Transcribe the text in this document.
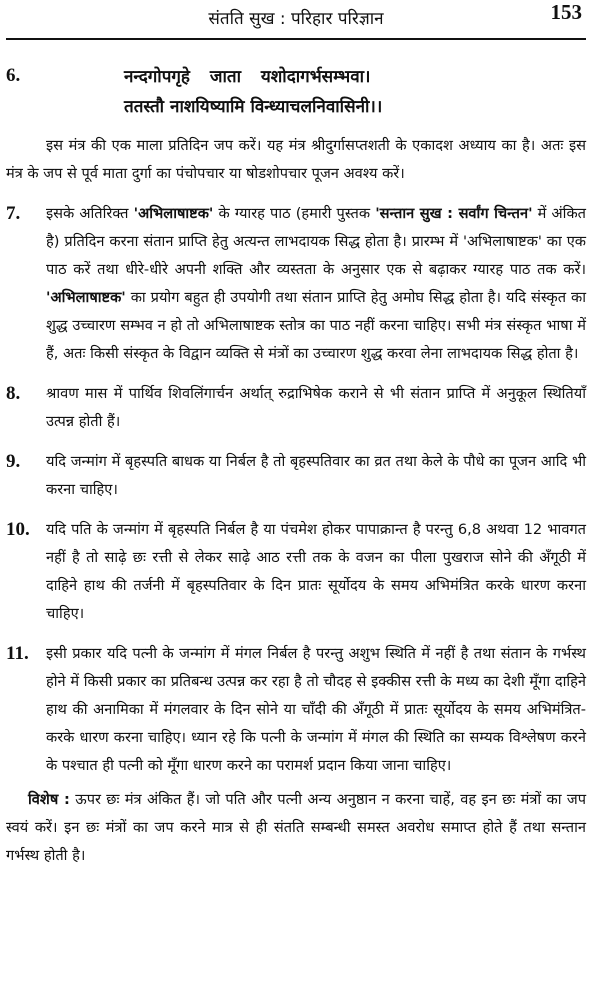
संतति सुख : परिहार परिज्ञान	153
6.	नन्दगोपगृहे जाता यशोदागर्भसम्भवा।
ततस्तौ नाशयिष्यामि विन्ध्याचलनिवासिनी।।
इस मंत्र की एक माला प्रतिदिन जप करें। यह मंत्र श्रीदुर्गासप्तशती के एकादश अध्याय का है। अतः इस मंत्र के जप से पूर्व माता दुर्गा का पंचोपचार या षोडशोपचार पूजन अवश्य करें।
7.	इसके अतिरिक्त 'अभिलाषाष्टक' के ग्यारह पाठ (हमारी पुस्तक 'सन्तान सुख : सर्वांग चिन्तन' में अंकित है) प्रतिदिन करना संतान प्राप्ति हेतु अत्यन्त लाभदायक सिद्ध होता है। प्रारम्भ में 'अभिलाषाष्टक' का एक पाठ करें तथा धीरे-धीरे अपनी शक्ति और व्यस्तता के अनुसार एक से बढ़ाकर ग्यारह पाठ तक करें। 'अभिलाषाष्टक' का प्रयोग बहुत ही उपयोगी तथा संतान प्राप्ति हेतु अमोघ सिद्ध होता है। यदि संस्कृत का शुद्ध उच्चारण सम्भव न हो तो अभिलाषाष्टक स्तोत्र का पाठ नहीं करना चाहिए। सभी मंत्र संस्कृत भाषा में हैं, अतः किसी संस्कृत के विद्वान व्यक्ति से मंत्रों का उच्चारण शुद्ध करवा लेना लाभदायक सिद्ध होता है।
8.	श्रावण मास में पार्थिव शिवलिंगार्चन अर्थात् रुद्राभिषेक कराने से भी संतान प्राप्ति में अनुकूल स्थितियाँ उत्पन्न होती हैं।
9.	यदि जन्मांग में बृहस्पति बाधक या निर्बल है तो बृहस्पतिवार का व्रत तथा केले के पौधे का पूजन आदि भी करना चाहिए।
10.	यदि पति के जन्मांग में बृहस्पति निर्बल है या पंचमेश होकर पापाक्रान्त है परन्तु 6,8 अथवा 12 भावगत नहीं है तो साढ़े छः रत्ती से लेकर साढ़े आठ रत्ती तक के वजन का पीला पुखराज सोने की अँगूठी में दाहिने हाथ की तर्जनी में बृहस्पतिवार के दिन प्रातः सूर्योदय के समय अभिमंत्रित करके धारण करना चाहिए।
11.	इसी प्रकार यदि पत्नी के जन्मांग में मंगल निर्बल है परन्तु अशुभ स्थिति में नहीं है तथा संतान के गर्भस्थ होने में किसी प्रकार का प्रतिबन्ध उत्पन्न कर रहा है तो चौदह से इक्कीस रत्ती के मध्य का देशी मूँगा दाहिने हाथ की अनामिका में मंगलवार के दिन सोने या चाँदी की अँगूठी में प्रातः सूर्योदय के समय अभिमंत्रित-करके धारण करना चाहिए। ध्यान रहे कि पत्नी के जन्मांग में मंगल की स्थिति का सम्यक विश्लेषण करने के पश्चात ही पत्नी को मूँगा धारण करने का परामर्श प्रदान किया जाना चाहिए।
विशेष : ऊपर छः मंत्र अंकित हैं। जो पति और पत्नी अन्य अनुष्ठान न करना चाहें, वह इन छः मंत्रों का जप स्वयं करें। इन छः मंत्रों का जप करने मात्र से ही संतति सम्बन्धी समस्त अवरोध समाप्त होते हैं तथा सन्तान गर्भस्थ होती है।
